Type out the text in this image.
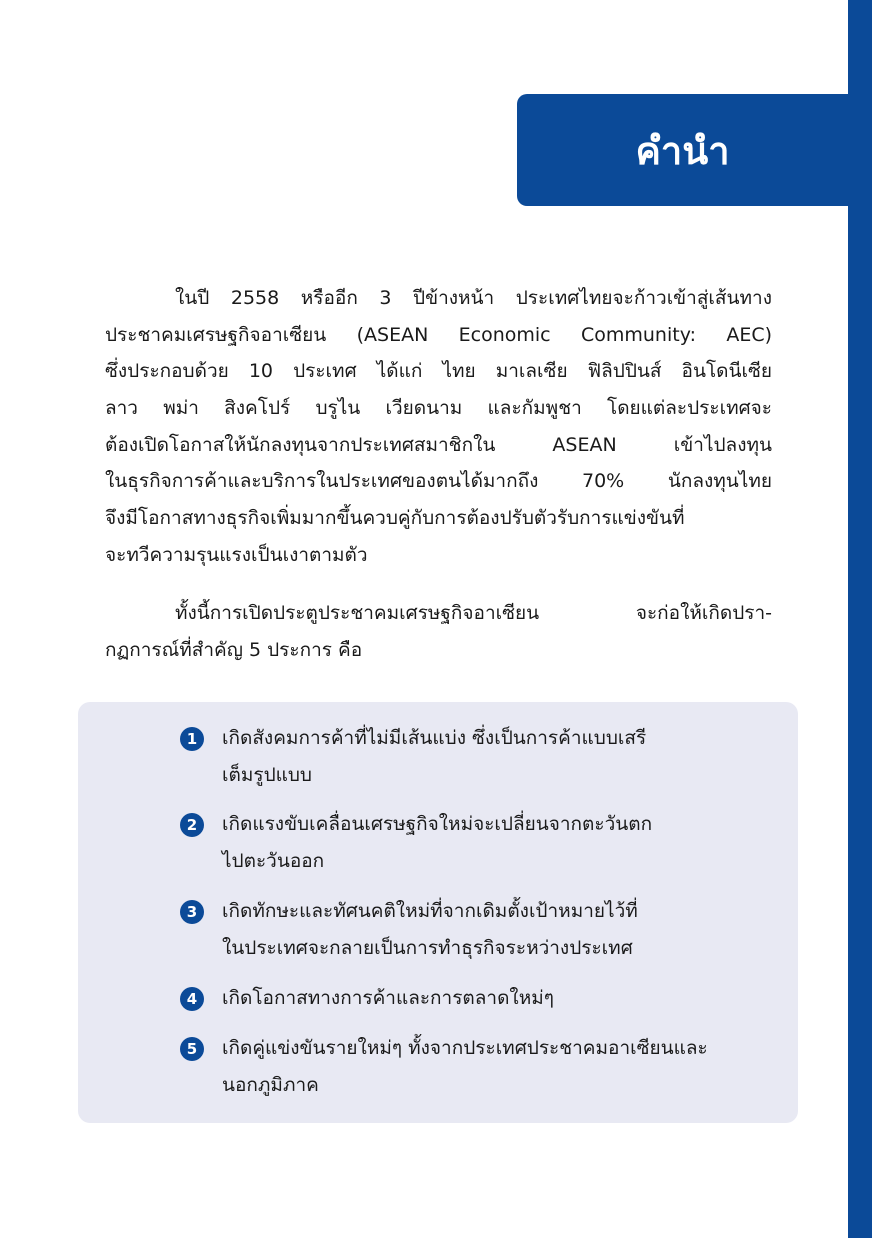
คำนำ
ในปี 2558 หรืออีก 3 ปีข้างหน้า ประเทศไทยจะก้าวเข้าสู่เส้นทาง
ประชาคมเศรษฐกิจอาเซียน (ASEAN Economic Community: AEC)
ซึ่งประกอบด้วย 10 ประเทศ ได้แก่ ไทย มาเลเซีย ฟิลิปปินส์ อินโดนีเซีย
ลาว พม่า สิงคโปร์ บรูไน เวียดนาม และกัมพูชา โดยแต่ละประเทศจะ
ต้องเปิดโอกาสให้นักลงทุนจากประเทศสมาชิกใน ASEAN เข้าไปลงทุน
ในธุรกิจการค้าและบริการในประเทศของตนได้มากถึง 70% นักลงทุนไทย
จึงมีโอกาสทางธุรกิจเพิ่มมากขึ้นควบคู่กับการต้องปรับตัวรับการแข่งขันที่
จะทวีความรุนแรงเป็นเงาตามตัว
ทั้งนี้การเปิดประตูประชาคมเศรษฐกิจอาเซียน จะก่อให้เกิดปรา-
กฏการณ์ที่สำคัญ 5 ประการ คือ
1	เกิดสังคมการค้าที่ไม่มีเส้นแบ่ง ซึ่งเป็นการค้าแบบเสรี
เต็มรูปแบบ
2	เกิดแรงขับเคลื่อนเศรษฐกิจใหม่จะเปลี่ยนจากตะวันตก
ไปตะวันออก
3	เกิดทักษะและทัศนคติใหม่ที่จากเดิมตั้งเป้าหมายไว้ที่
ในประเทศจะกลายเป็นการทำธุรกิจระหว่างประเทศ
4	เกิดโอกาสทางการค้าและการตลาดใหม่ๆ
5	เกิดคู่แข่งขันรายใหม่ๆ ทั้งจากประเทศประชาคมอาเซียนและ
นอกภูมิภาค
